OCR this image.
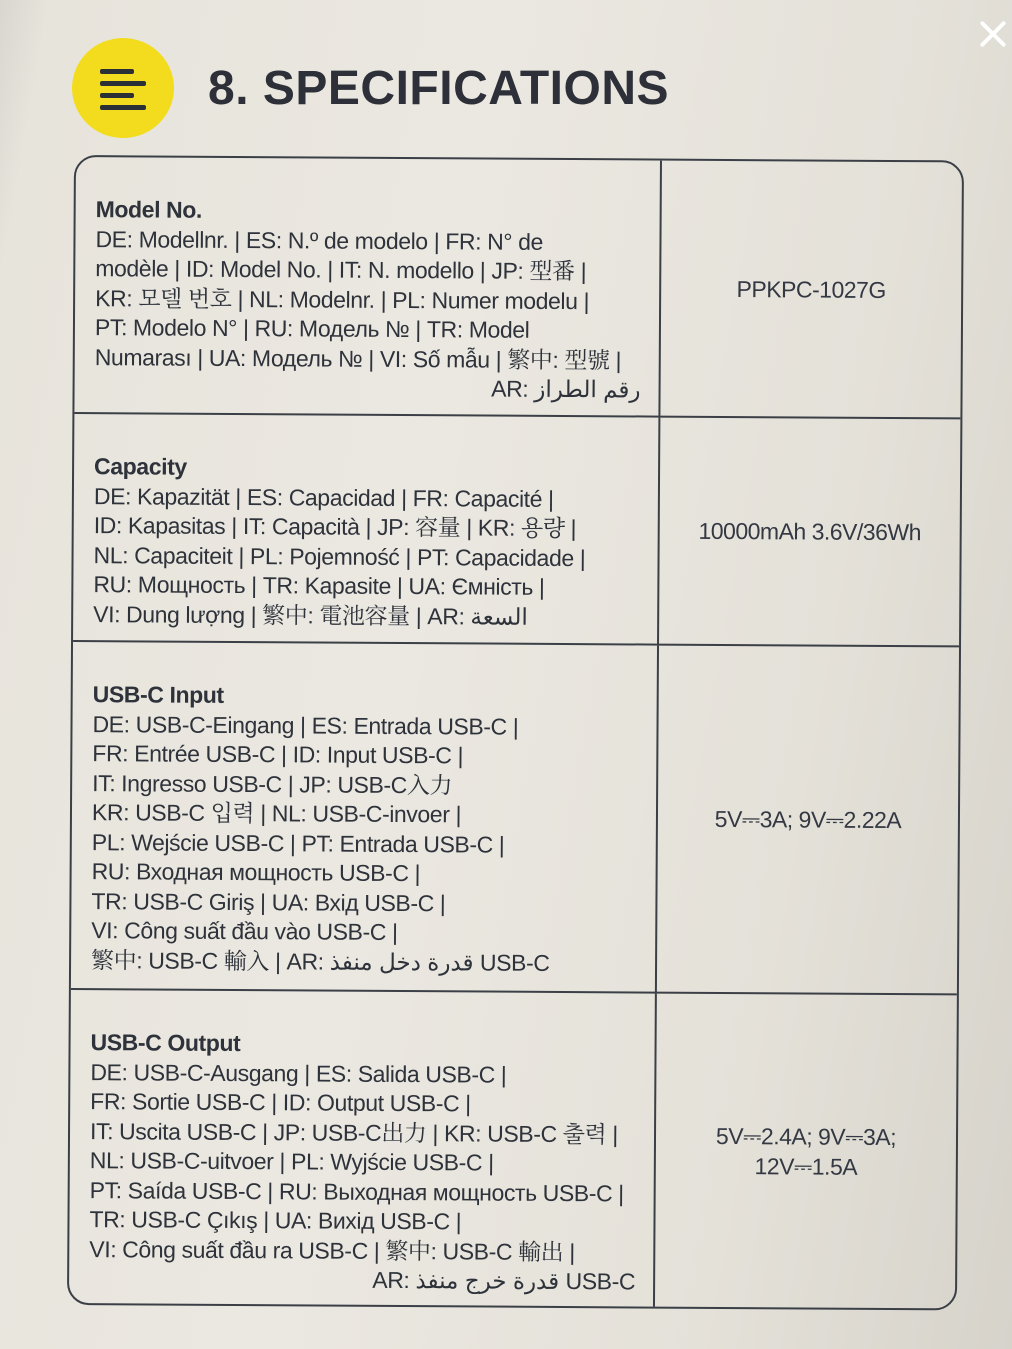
8. SPECIFICATIONS
Model No.
DE: Modellnr. | ES: N.º de modelo | FR: N° de
modèle | ID: Model No. | IT: N. modello | JP: 型番 |
KR: 모델 번호 | NL: Modelnr. | PL: Numer modelu |
PT: Modelo N° | RU: Модель № | TR: Model
Numarası | UA: Модель № | VI: Số mẫu | 繁中: 型號 |
AR: رقم الطراز
PPKPC-1027G
Capacity
DE: Kapazität | ES: Capacidad | FR: Capacité |
ID: Kapasitas | IT: Capacità | JP: 容量 | KR: 용량 |
NL: Capaciteit | PL: Pojemność | PT: Capacidade |
RU: Мощность | TR: Kapasite | UA: Ємність |
VI: Dung lượng | 繁中: 電池容量 | AR: السعة
10000mAh 3.6V/36Wh
USB-C Input
DE: USB-C-Eingang | ES: Entrada USB-C |
FR: Entrée USB-C | ID: Input USB-C |
IT: Ingresso USB-C | JP: USB-C入力
KR: USB-C 입력 | NL: USB-C-invoer |
PL: Wejście USB-C | PT: Entrada USB-C |
RU: Входная мощность USB-C |
TR: USB-C Giriş | UA: Вхід USB-C |
VI: Công suất đầu vào USB-C |
繁中: USB-C 輸入 | AR: قدرة دخل منفذ USB-C
5V⎓3A; 9V⎓2.22A
USB-C Output
DE: USB-C-Ausgang | ES: Salida USB-C |
FR: Sortie USB-C | ID: Output USB-C |
IT: Uscita USB-C | JP: USB-C出力 | KR: USB-C 출력 |
NL: USB-C-uitvoer | PL: Wyjście USB-C |
PT: Saída USB-C | RU: Выходная мощность USB-C |
TR: USB-C Çıkış | UA: Вихід USB-C |
VI: Công suất đầu ra USB-C | 繁中: USB-C 輸出 |
AR: قدرة خرج منفذ USB-C
5V⎓2.4A; 9V⎓3A;
12V⎓1.5A
